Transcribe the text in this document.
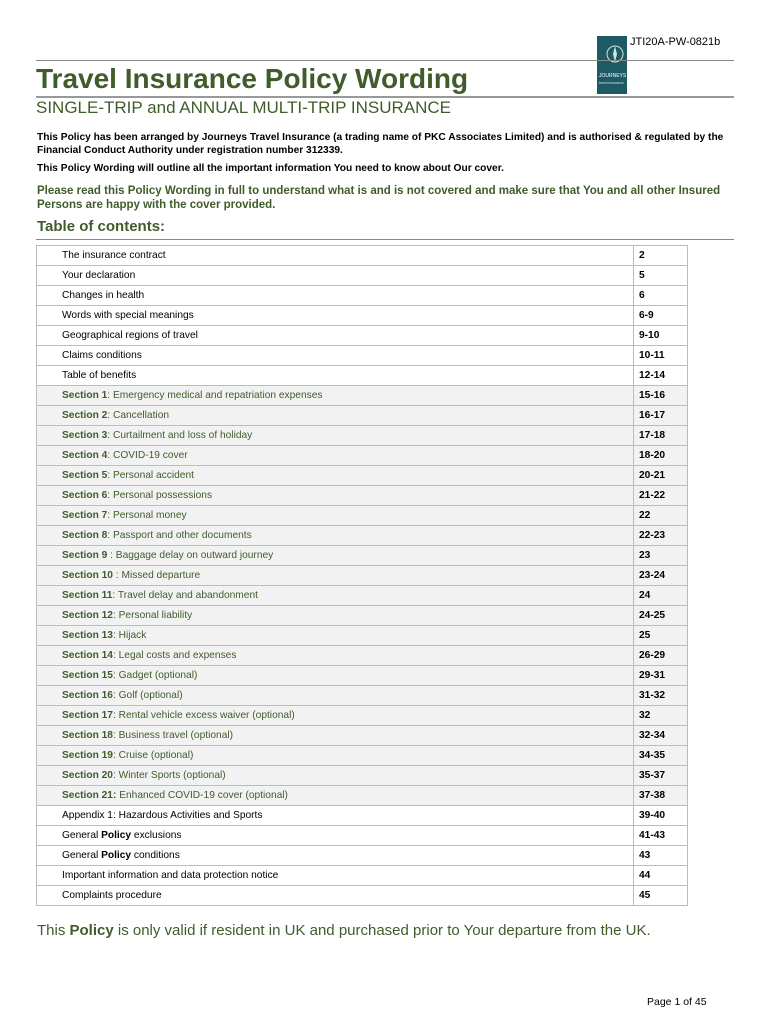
JOURNEYS
travel insurance
JTI20A-PW-0821b
Travel Insurance Policy Wording
SINGLE-TRIP and ANNUAL MULTI-TRIP INSURANCE
This Policy has been arranged by Journeys Travel Insurance (a trading name of PKC Associates Limited) and is authorised & regulated by the Financial Conduct Authority under registration number 312339.
This Policy Wording will outline all the important information You need to know about Our cover.
Please read this Policy Wording in full to understand what is and is not covered and make sure that You and all other Insured Persons are happy with the cover provided.
Table of contents:
The insurance contract	2
Your declaration	5
Changes in health	6
Words with special meanings	6-9
Geographical regions of travel	9-10
Claims conditions	10-11
Table of benefits	12-14
Section 1: Emergency medical and repatriation expenses	15-16
Section 2: Cancellation	16-17
Section 3: Curtailment and loss of holiday	17-18
Section 4: COVID-19 cover	18-20
Section 5: Personal accident	20-21
Section 6: Personal possessions	21-22
Section 7: Personal money	22
Section 8: Passport and other documents	22-23
Section 9 : Baggage delay on outward journey	23
Section 10 : Missed departure	23-24
Section 11: Travel delay and abandonment	24
Section 12: Personal liability	24-25
Section 13: Hijack	25
Section 14: Legal costs and expenses	26-29
Section 15: Gadget (optional)	29-31
Section 16: Golf (optional)	31-32
Section 17: Rental vehicle excess waiver (optional)	32
Section 18: Business travel (optional)	32-34
Section 19: Cruise (optional)	34-35
Section 20: Winter Sports (optional)	35-37
Section 21: Enhanced COVID-19 cover (optional)	37-38
Appendix 1: Hazardous Activities and Sports	39-40
General Policy exclusions	41-43
General Policy conditions	43
Important information and data protection notice	44
Complaints procedure	45
This Policy is only valid if resident in UK and purchased prior to Your departure from the UK.
Page 1 of 45
